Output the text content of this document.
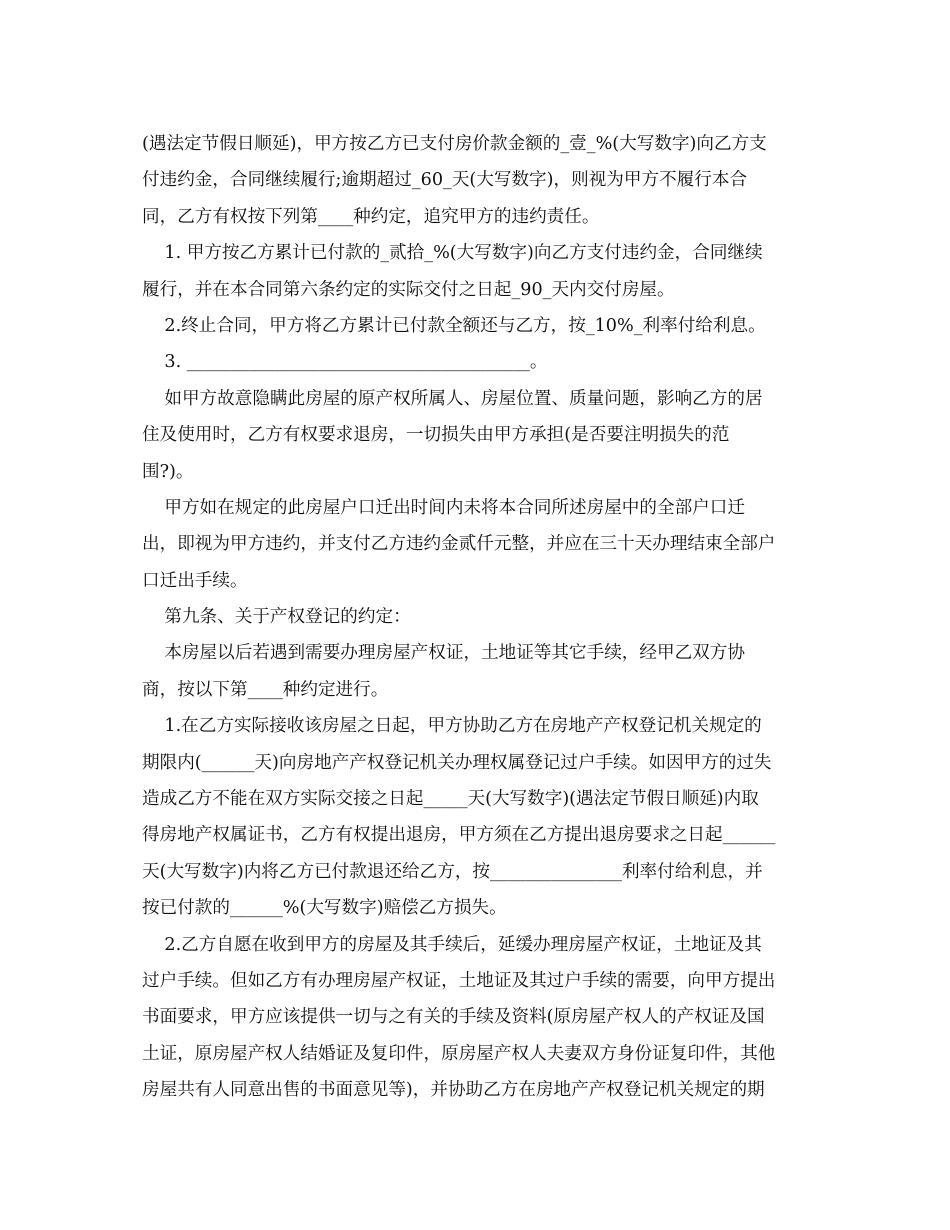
(遇法定节假日顺延)，甲方按乙方已支付房价款金额的_壹_%(大写数字)向乙方支
付违约金，合同继续履行;逾期超过_60_天(大写数字)，则视为甲方不履行本合
同，乙方有权按下列第____种约定，追究甲方的违约责任。
1. 甲方按乙方累计已付款的_贰拾_%(大写数字)向乙方支付违约金，合同继续
履行，并在本合同第六条约定的实际交付之日起_90_天内交付房屋。
2.终止合同，甲方将乙方累计已付款全额还与乙方，按_10%_利率付给利息。
3. _______________________________________。
如甲方故意隐瞒此房屋的原产权所属人、房屋位置、质量问题，影响乙方的居
住及使用时，乙方有权要求退房，一切损失由甲方承担(是否要注明损失的范
围?)。
甲方如在规定的此房屋户口迁出时间内未将本合同所述房屋中的全部户口迁
出，即视为甲方违约，并支付乙方违约金贰仟元整，并应在三十天办理结束全部户
口迁出手续。
第九条、关于产权登记的约定：
本房屋以后若遇到需要办理房屋产权证，土地证等其它手续，经甲乙双方协
商，按以下第____种约定进行。
1.在乙方实际接收该房屋之日起，甲方协助乙方在房地产产权登记机关规定的
期限内(______天)向房地产产权登记机关办理权属登记过户手续。如因甲方的过失
造成乙方不能在双方实际交接之日起_____天(大写数字)(遇法定节假日顺延)内取
得房地产权属证书，乙方有权提出退房，甲方须在乙方提出退房要求之日起______
天(大写数字)内将乙方已付款退还给乙方，按_______________利率付给利息，并
按已付款的______%(大写数字)赔偿乙方损失。
2.乙方自愿在收到甲方的房屋及其手续后，延缓办理房屋产权证，土地证及其
过户手续。但如乙方有办理房屋产权证，土地证及其过户手续的需要，向甲方提出
书面要求，甲方应该提供一切与之有关的手续及资料(原房屋产权人的产权证及国
土证，原房屋产权人结婚证及复印件，原房屋产权人夫妻双方身份证复印件，其他
房屋共有人同意出售的书面意见等)，并协助乙方在房地产产权登记机关规定的期
